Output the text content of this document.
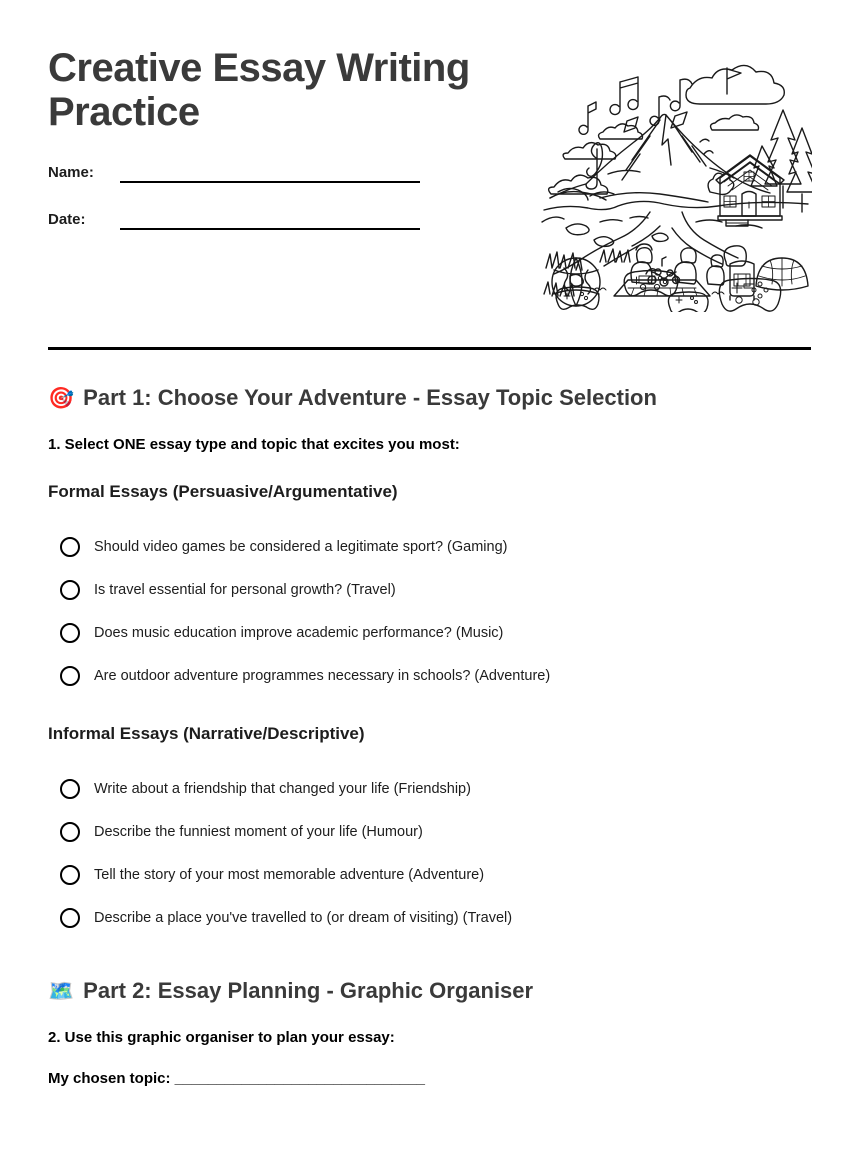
Creative Essay Writing Practice
Name:
Date:
🎯 Part 1: Choose Your Adventure - Essay Topic Selection

1. Select ONE essay type and topic that excites you most:

Formal Essays (Persuasive/Argumentative)
Should video games be considered a legitimate sport? (Gaming)
Is travel essential for personal growth? (Travel)
Does music education improve academic performance? (Music)
Are outdoor adventure programmes necessary in schools? (Adventure)
Informal Essays (Narrative/Descriptive)
Write about a friendship that changed your life (Friendship)
Describe the funniest moment of your life (Humour)
Tell the story of your most memorable adventure (Adventure)
Describe a place you've travelled to (or dream of visiting) (Travel)
🗺️ Part 2: Essay Planning - Graphic Organiser

2. Use this graphic organiser to plan your essay:

My chosen topic: ______________________________
